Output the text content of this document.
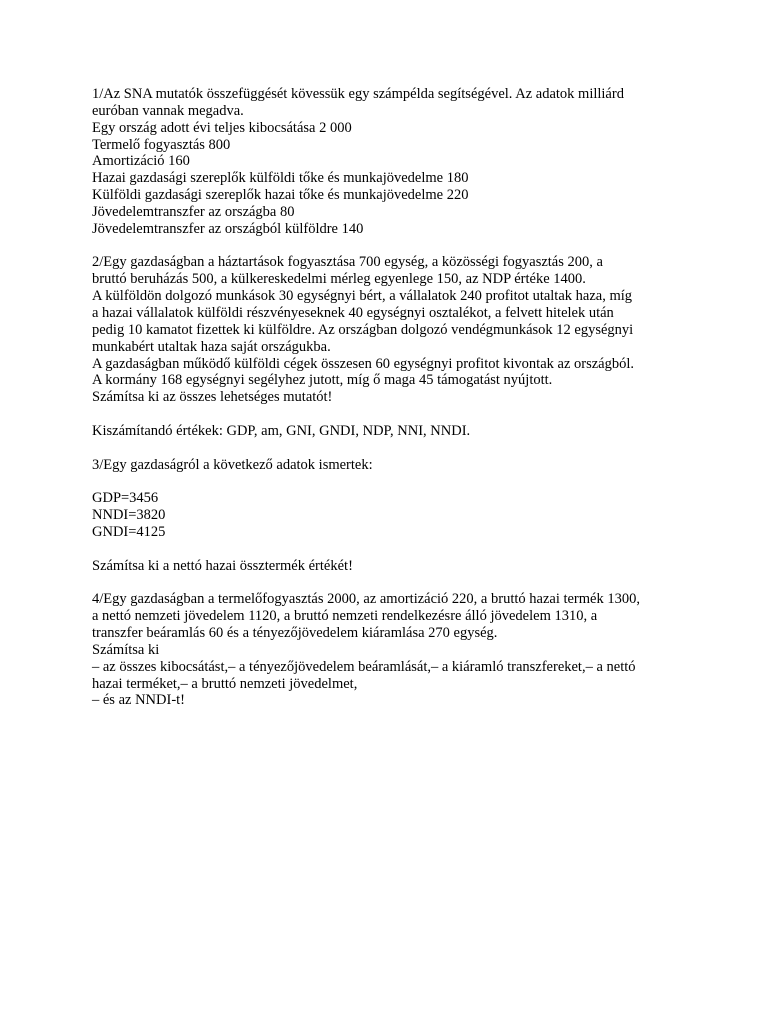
1/Az SNA mutatók összefüggését kövessük egy számpélda segítségével. Az adatok milliárd
euróban vannak megadva.
Egy ország adott évi teljes kibocsátása 2 000
Termelő fogyasztás 800
Amortizáció 160
Hazai gazdasági szereplők külföldi tőke és munkajövedelme 180
Külföldi gazdasági szereplők hazai tőke és munkajövedelme 220
Jövedelemtranszfer az országba 80
Jövedelemtranszfer az országból külföldre 140
2/Egy gazdaságban a háztartások fogyasztása 700 egység, a közösségi fogyasztás 200, a
bruttó beruházás 500, a külkereskedelmi mérleg egyenlege 150, az NDP értéke 1400.
A külföldön dolgozó munkások 30 egységnyi bért, a vállalatok 240 profitot utaltak haza, míg
a hazai vállalatok külföldi részvényeseknek 40 egységnyi osztalékot, a felvett hitelek után
pedig 10 kamatot fizettek ki külföldre. Az országban dolgozó vendégmunkások 12 egységnyi
munkabért utaltak haza saját országukba.
A gazdaságban működő külföldi cégek összesen 60 egységnyi profitot kivontak az országból.
A kormány 168 egységnyi segélyhez jutott, míg ő maga 45 támogatást nyújtott.
Számítsa ki az összes lehetséges mutatót!
Kiszámítandó értékek: GDP, am, GNI, GNDI, NDP, NNI, NNDI.
3/Egy gazdaságról a következő adatok ismertek:
GDP=3456
NNDI=3820
GNDI=4125
Számítsa ki a nettó hazai össztermék értékét!
4/Egy gazdaságban a termelőfogyasztás 2000, az amortizáció 220, a bruttó hazai termék 1300,
a nettó nemzeti jövedelem 1120, a bruttó nemzeti rendelkezésre álló jövedelem 1310, a
transzfer beáramlás 60 és a tényezőjövedelem kiáramlása 270 egység.
Számítsa ki
– az összes kibocsátást,– a tényezőjövedelem beáramlását,– a kiáramló transzfereket,– a nettó
hazai terméket,– a bruttó nemzeti jövedelmet,
– és az NNDI-t!
